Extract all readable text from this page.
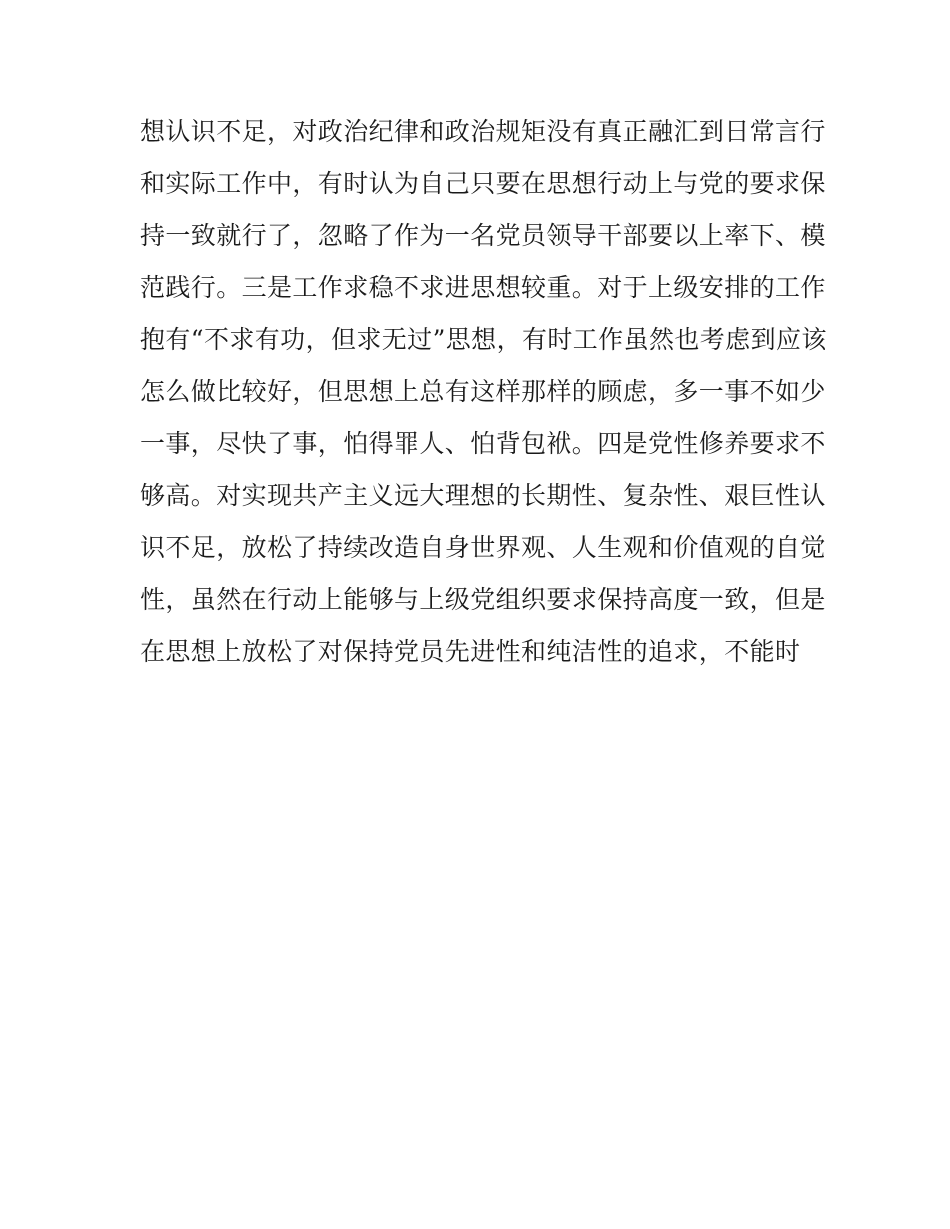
想认识不足，对政治纪律和政治规矩没有真正融汇到日常言行
和实际工作中，有时认为自己只要在思想行动上与党的要求保
持一致就行了，忽略了作为一名党员领导干部要以上率下、模
范践行。三是工作求稳不求进思想较重。对于上级安排的工作
抱有“不求有功，但求无过”思想，有时工作虽然也考虑到应该
怎么做比较好，但思想上总有这样那样的顾虑，多一事不如少
一事，尽快了事，怕得罪人、怕背包袱。四是党性修养要求不
够高。对实现共产主义远大理想的长期性、复杂性、艰巨性认
识不足，放松了持续改造自身世界观、人生观和价值观的自觉
性，虽然在行动上能够与上级党组织要求保持高度一致，但是
在思想上放松了对保持党员先进性和纯洁性的追求，不能时
